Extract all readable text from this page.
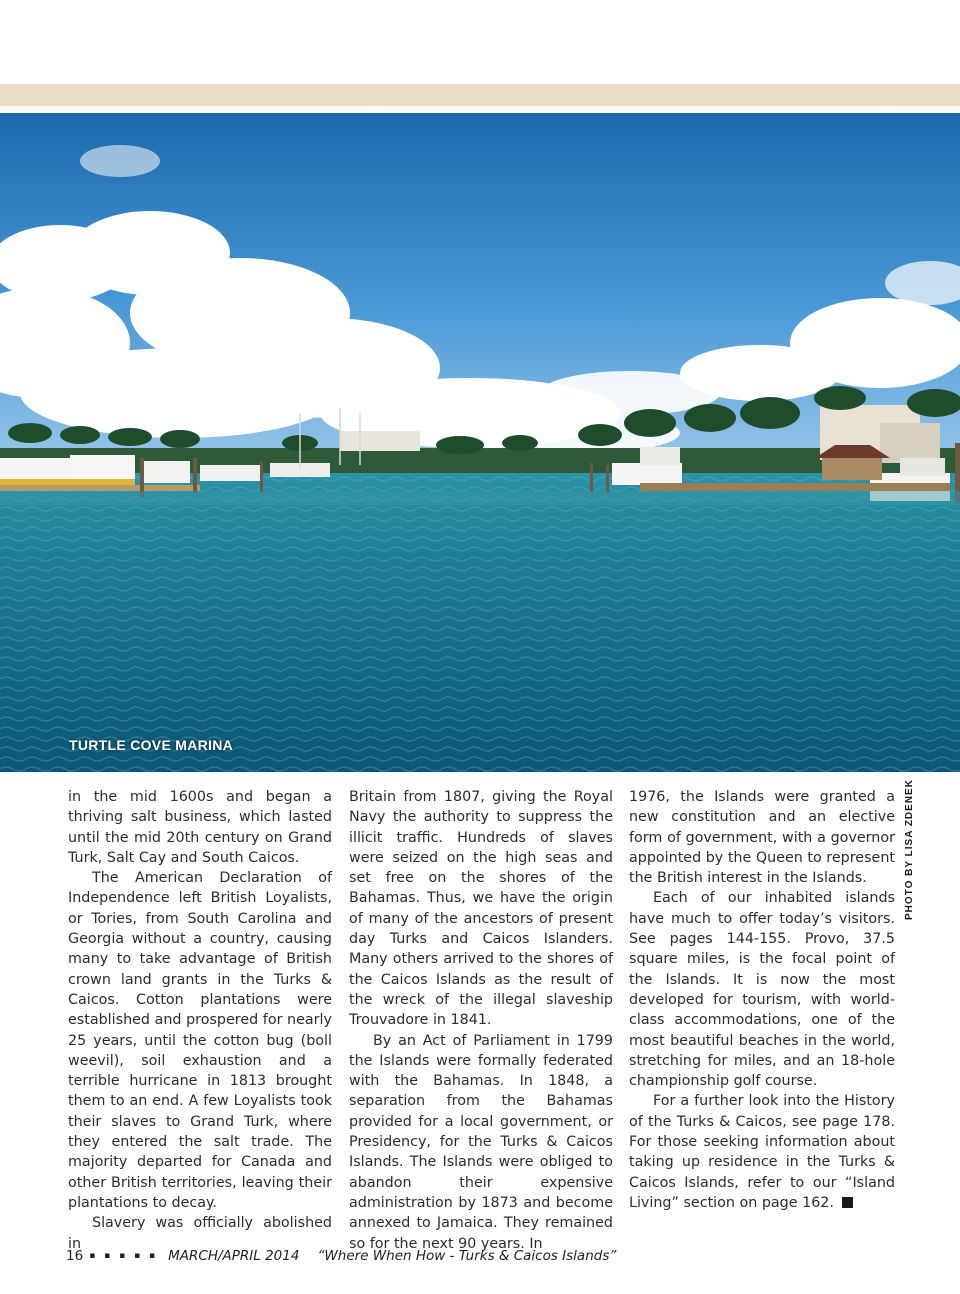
TURTLE COVE MARINA
PHOTO BY LISA ZDENEK

in the mid 1600s and began a thriving salt business, which lasted until the mid 20th century on Grand Turk, Salt Cay and South Caicos.

The American Declaration of Independence left British Loyalists, or Tories, from South Carolina and Georgia without a country, causing many to take advantage of British crown land grants in the Turks & Caicos. Cotton plantations were established and prospered for nearly 25 years, until the cotton bug (boll weevil), soil exhaustion and a terrible hurricane in 1813 brought them to an end. A few Loyalists took their slaves to Grand Turk, where they entered the salt trade. The majority departed for Canada and other British territories, leaving their plantations to decay.

Slavery was officially abolished in

Britain from 1807, giving the Royal Navy the authority to suppress the illicit traffic. Hundreds of slaves were seized on the high seas and set free on the shores of the Bahamas. Thus, we have the origin of many of the ancestors of present day Turks and Caicos Islanders. Many others arrived to the shores of the Caicos Islands as the result of the wreck of the illegal slaveship Trouvadore in 1841.

By an Act of Parliament in 1799 the Islands were formally federated with the Bahamas. In 1848, a separation from the Bahamas provided for a local government, or Presidency, for the Turks & Caicos Islands. The Islands were obliged to abandon their expensive administration by 1873 and become annexed to Jamaica. They remained so for the next 90 years. In

1976, the Islands were granted a new constitution and an elective form of government, with a governor appointed by the Queen to represent the British interest in the Islands.

Each of our inhabited islands have much to offer today’s visitors. See pages 144-155. Provo, 37.5 square miles, is the focal point of the Islands. It is now the most developed for tourism, with world-class accommodations, one of the most beautiful beaches in the world, stretching for miles, and an 18-hole championship golf course.

For a further look into the History of the Turks & Caicos, see page 178. For those seeking information about taking up residence in the Turks & Caicos Islands, refer to our “Island Living” section on page 162.

16 ▪ ▪ ▪ ▪ ▪ MARCH/APRIL 2014 “Where When How - Turks & Caicos Islands”
